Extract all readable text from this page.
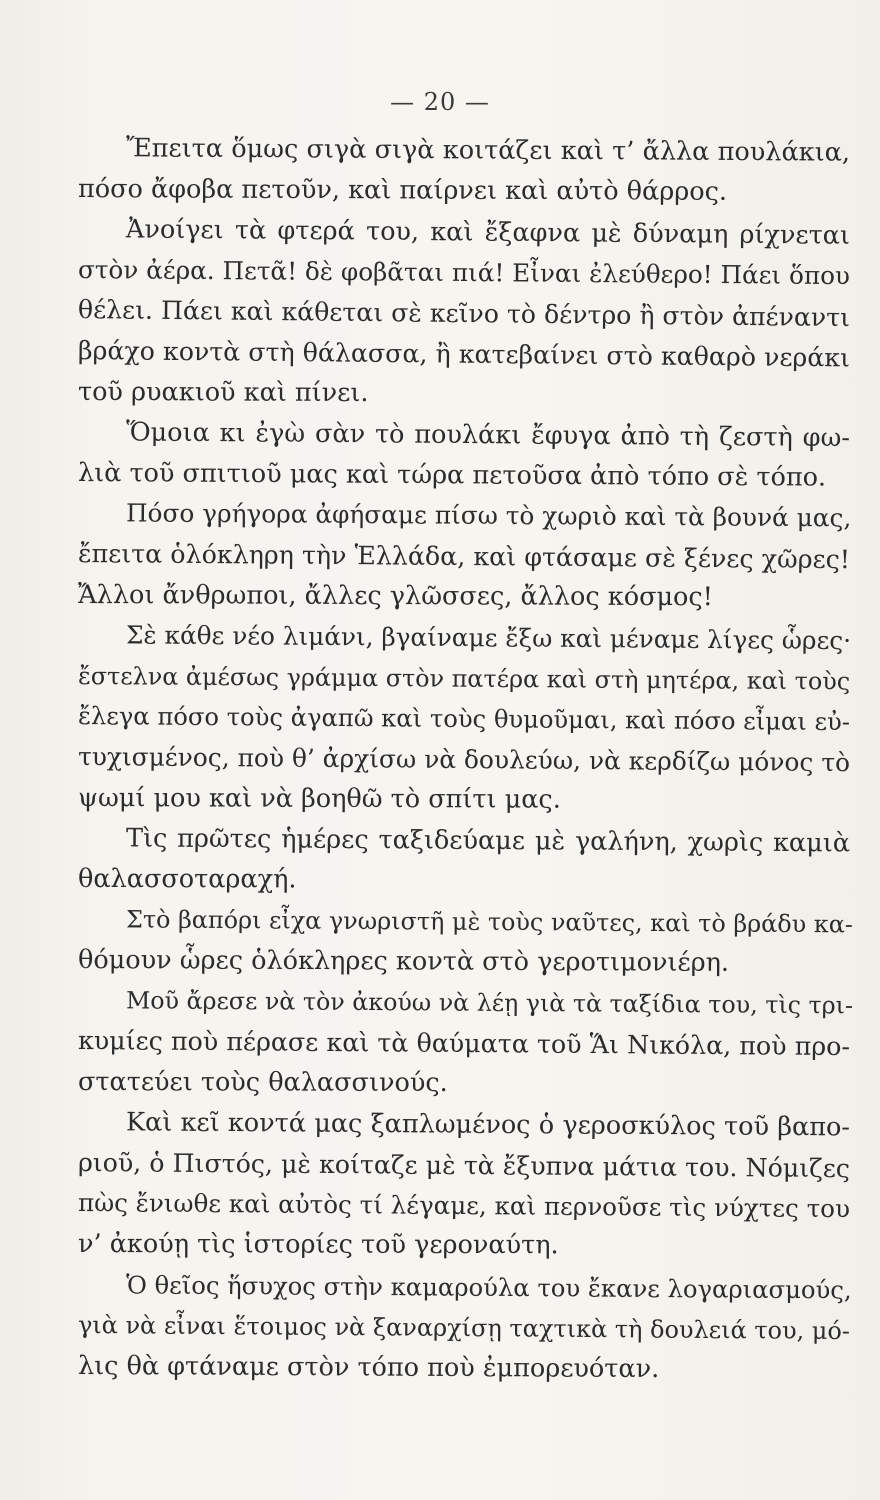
— 20 —
Ἔπειτα ὅμως σιγὰ σιγὰ κοιτάζει καὶ τ’ ἄλλα πουλάκια,
πόσο ἄφοβα πετοῦν, καὶ παίρνει καὶ αὐτὸ θάρρος.
Ἀνοίγει τὰ φτερά του, καὶ ἔξαφνα μὲ δύναμη ρίχνεται
στὸν ἀέρα. Πετᾶ! δὲ φοβᾶται πιά! Εἶναι ἐλεύθερο! Πάει ὅπου
θέλει. Πάει καὶ κάθεται σὲ κεῖνο τὸ δέντρο ἢ στὸν ἀπέναντι
βράχο κοντὰ στὴ θάλασσα, ἢ κατεβαίνει στὸ καθαρὸ νεράκι
τοῦ ρυακιοῦ καὶ πίνει.
Ὅμοια κι ἐγὼ σὰν τὸ πουλάκι ἔφυγα ἀπὸ τὴ ζεστὴ φω-
λιὰ τοῦ σπιτιοῦ μας καὶ τώρα πετοῦσα ἀπὸ τόπο σὲ τόπο.
Πόσο γρήγορα ἀφήσαμε πίσω τὸ χωριὸ καὶ τὰ βουνά μας,
ἔπειτα ὁλόκληρη τὴν Ἑλλάδα, καὶ φτάσαμε σὲ ξένες χῶρες!
Ἄλλοι ἄνθρωποι, ἄλλες γλῶσσες, ἄλλος κόσμος!
Σὲ κάθε νέο λιμάνι, βγαίναμε ἔξω καὶ μέναμε λίγες ὧρες·
ἔστελνα ἀμέσως γράμμα στὸν πατέρα καὶ στὴ μητέρα, καὶ τοὺς
ἔλεγα πόσο τοὺς ἀγαπῶ καὶ τοὺς θυμοῦμαι, καὶ πόσο εἶμαι εὐ-
τυχισμένος, ποὺ θ’ ἀρχίσω νὰ δουλεύω, νὰ κερδίζω μόνος τὸ
ψωμί μου καὶ νὰ βοηθῶ τὸ σπίτι μας.
Τὶς πρῶτες ἡμέρες ταξιδεύαμε μὲ γαλήνη, χωρὶς καμιὰ
θαλασσοταραχή.
Στὸ βαπόρι εἶχα γνωριστῆ μὲ τοὺς ναῦτες, καὶ τὸ βράδυ κα-
θόμουν ὧρες ὁλόκληρες κοντὰ στὸ γεροτιμονιέρη.
Μοῦ ἄρεσε νὰ τὸν ἀκούω νὰ λέῃ γιὰ τὰ ταξίδια του, τὶς τρι-
κυμίες ποὺ πέρασε καὶ τὰ θαύματα τοῦ Ἅι Νικόλα, ποὺ προ-
στατεύει τοὺς θαλασσινούς.
Καὶ κεῖ κοντά μας ξαπλωμένος ὁ γεροσκύλος τοῦ βαπο-
ριοῦ, ὁ Πιστός, μὲ κοίταζε μὲ τὰ ἔξυπνα μάτια του. Νόμιζες
πὼς ἔνιωθε καὶ αὐτὸς τί λέγαμε, καὶ περνοῦσε τὶς νύχτες του
ν’ ἀκούῃ τὶς ἱστορίες τοῦ γεροναύτη.
Ὁ θεῖος ἥσυχος στὴν καμαρούλα του ἔκανε λογαριασμούς,
γιὰ νὰ εἶναι ἕτοιμος νὰ ξαναρχίσῃ ταχτικὰ τὴ δουλειά του, μό-
λις θὰ φτάναμε στὸν τόπο ποὺ ἐμπορευόταν.
